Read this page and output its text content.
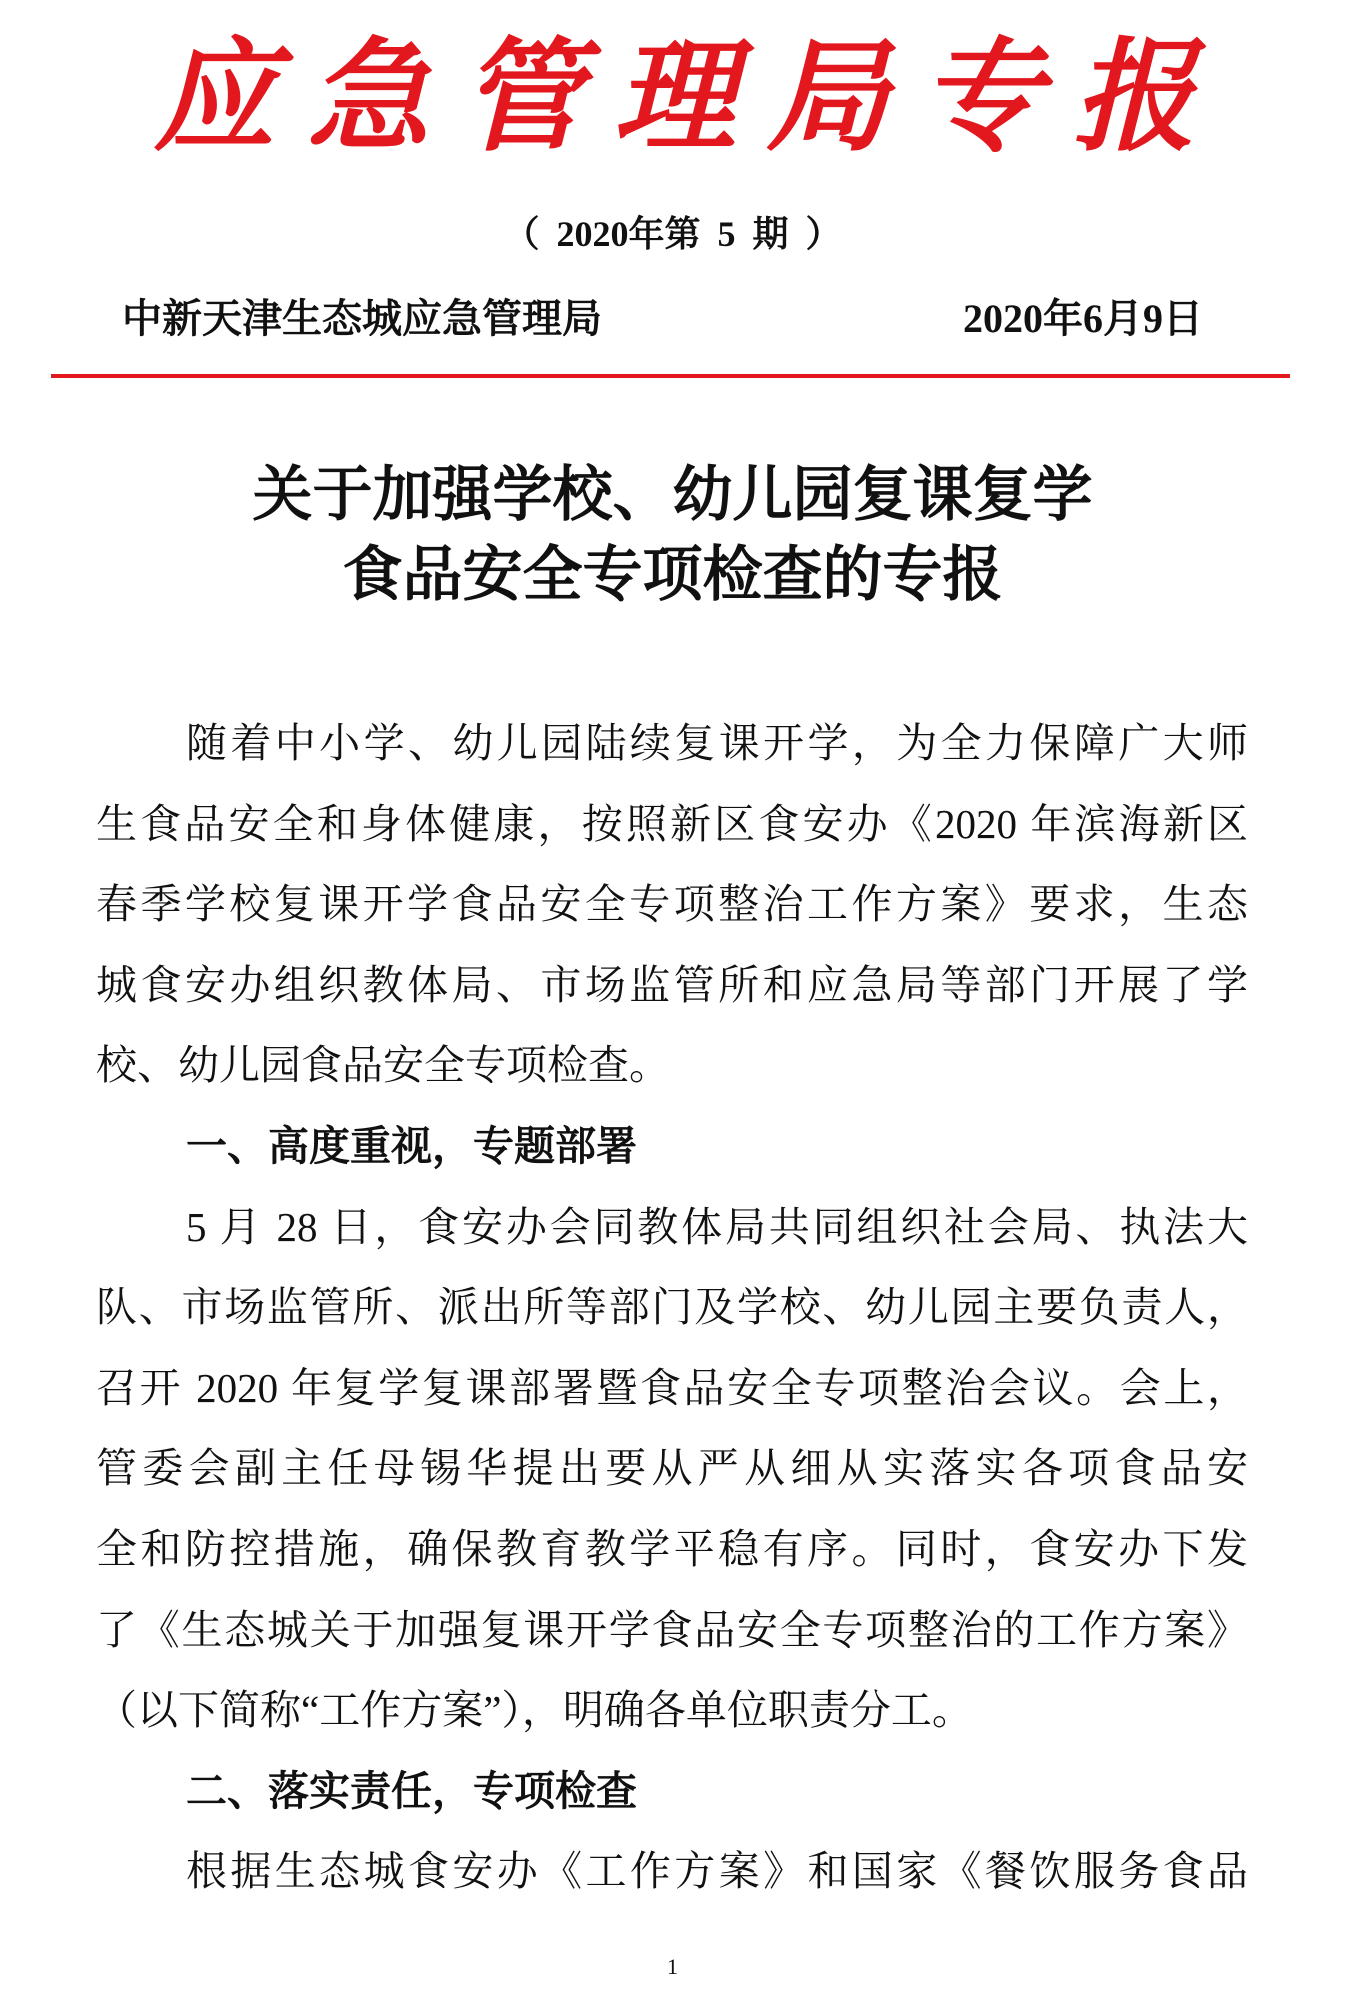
应急管理局专报
（ 2020年第 5 期 ）
中新天津生态城应急管理局	2020年6月9日
关于加强学校、幼儿园复课复学
食品安全专项检查的专报
随着中小学、幼儿园陆续复课开学，为全力保障广大师
生食品安全和身体健康，按照新区食安办《2020 年滨海新区
春季学校复课开学食品安全专项整治工作方案》要求，生态
城食安办组织教体局、市场监管所和应急局等部门开展了学
校、幼儿园食品安全专项检查。
一、高度重视，专题部署
5 月 28 日，食安办会同教体局共同组织社会局、执法大
队、市场监管所、派出所等部门及学校、幼儿园主要负责人，
召开 2020 年复学复课部署暨食品安全专项整治会议。会上，
管委会副主任母锡华提出要从严从细从实落实各项食品安
全和防控措施，确保教育教学平稳有序。同时，食安办下发
了《生态城关于加强复课开学食品安全专项整治的工作方案》
（以下简称“工作方案”），明确各单位职责分工。
二、落实责任，专项检查
根据生态城食安办《工作方案》和国家《餐饮服务食品
1
